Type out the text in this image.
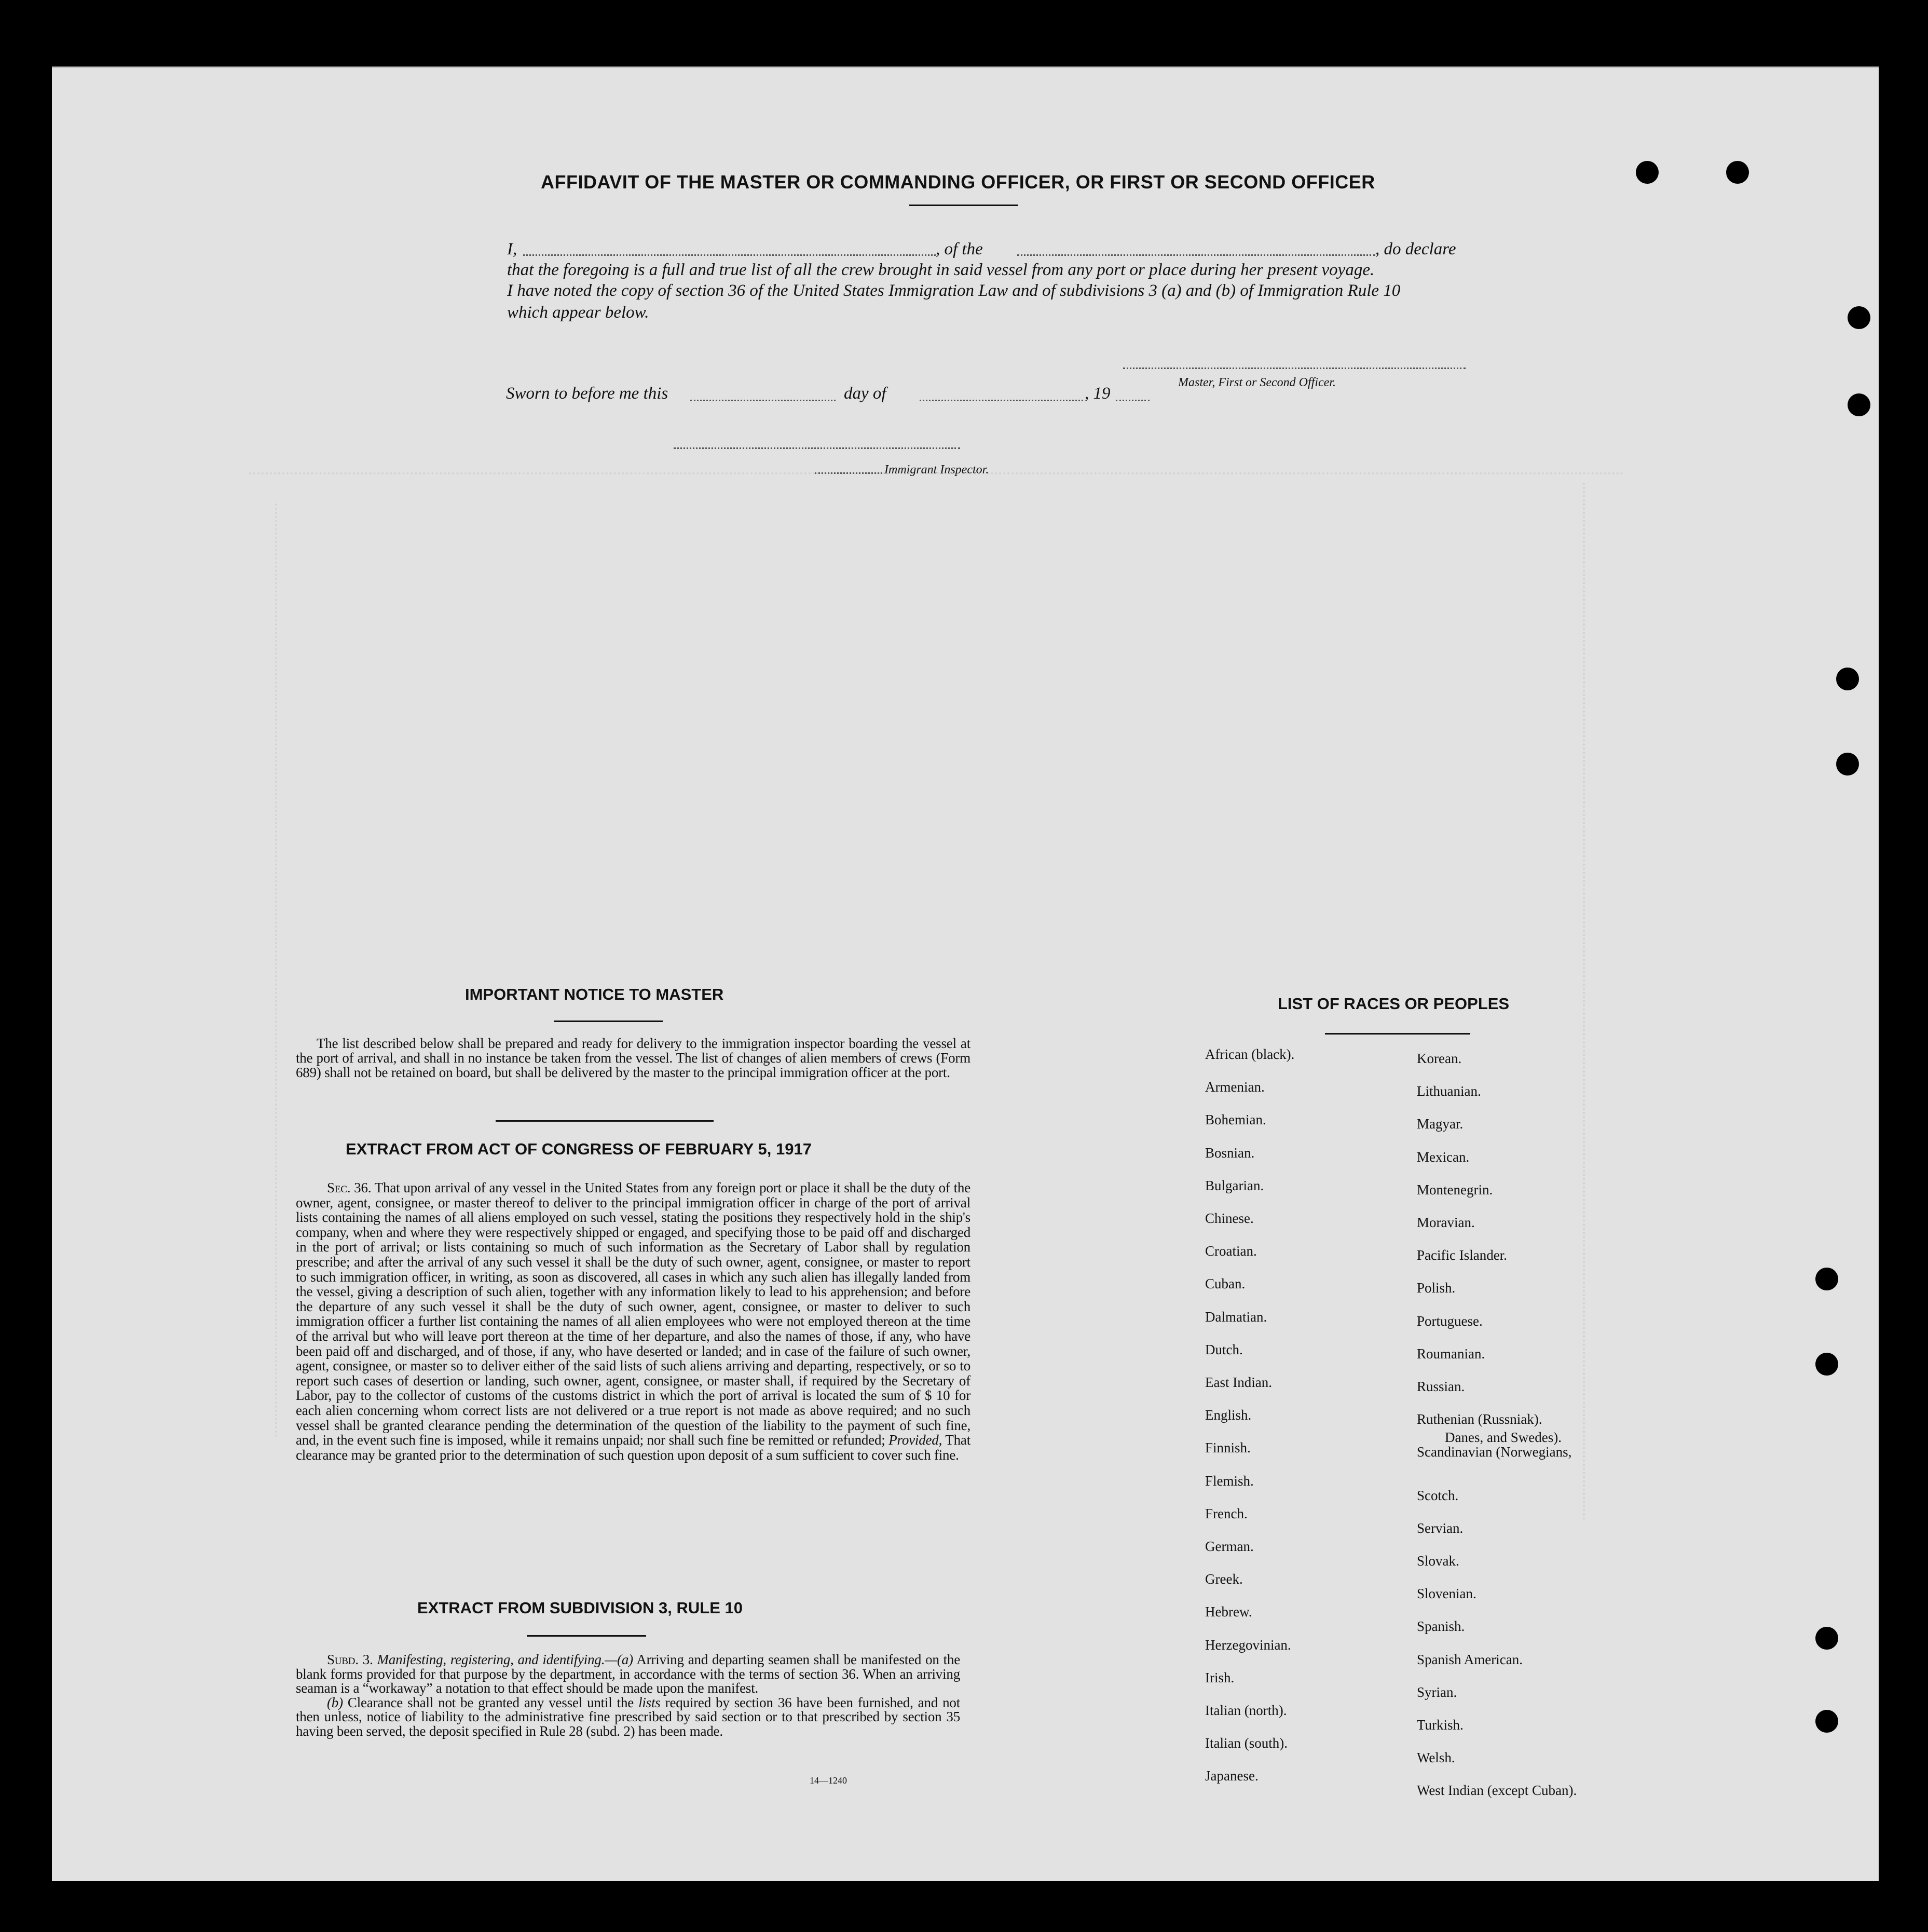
AFFIDAVIT OF THE MASTER OR COMMANDING OFFICER, OR FIRST OR SECOND OFFICER
I,	, of the	, do declare
that the foregoing is a full and true list of all the crew brought in said vessel from any port or place during her present voyage.
I have noted the copy of section 36 of the United States Immigration Law and of subdivisions 3 (a) and (b) of Immigration Rule 10
which appear below.
Master, First or Second Officer.
Sworn to before me this	day of	, 19
Immigrant Inspector.
IMPORTANT NOTICE TO MASTER
The list described below shall be prepared and ready for delivery to the immigration inspector boarding the vessel at the port of arrival, and shall in no instance be taken from the vessel. The list of changes of alien members of crews (Form 689) shall not be retained on board, but shall be delivered by the master to the principal immigration officer at the port.
EXTRACT FROM ACT OF CONGRESS OF FEBRUARY 5, 1917
Sec. 36. That upon arrival of any vessel in the United States from any foreign port or place it shall be the duty of the owner, agent, consignee, or master thereof to deliver to the principal immigration officer in charge of the port of arrival lists containing the names of all aliens employed on such vessel, stating the positions they respectively hold in the ship's company, when and where they were respectively shipped or engaged, and specifying those to be paid off and discharged in the port of arrival; or lists containing so much of such information as the Secretary of Labor shall by regulation prescribe; and after the arrival of any such vessel it shall be the duty of such owner, agent, consignee, or master to report to such immigration officer, in writing, as soon as discovered, all cases in which any such alien has illegally landed from the vessel, giving a description of such alien, together with any information likely to lead to his apprehension; and before the departure of any such vessel it shall be the duty of such owner, agent, consignee, or master to deliver to such immigration officer a further list containing the names of all alien employees who were not employed thereon at the time of the arrival but who will leave port thereon at the time of her departure, and also the names of those, if any, who have been paid off and discharged, and of those, if any, who have deserted or landed; and in case of the failure of such owner, agent, consignee, or master so to deliver either of the said lists of such aliens arriving and departing, respectively, or so to report such cases of desertion or landing, such owner, agent, consignee, or master shall, if required by the Secretary of Labor, pay to the collector of customs of the customs district in which the port of arrival is located the sum of $ 10 for each alien concerning whom correct lists are not delivered or a true report is not made as above required; and no such vessel shall be granted clearance pending the determination of the question of the liability to the payment of such fine, and, in the event such fine is imposed, while it remains unpaid; nor shall such fine be remitted or refunded; Provided, That clearance may be granted prior to the determination of such question upon deposit of a sum sufficient to cover such fine.
EXTRACT FROM SUBDIVISION 3, RULE 10

Subd. 3. Manifesting, registering, and identifying.—(a) Arriving and departing seamen shall be manifested on the blank forms provided for that purpose by the department, in accordance with the terms of section 36. When an arriving seaman is a “workaway” a notation to that effect should be made upon the manifest.

(b) Clearance shall not be granted any vessel until the lists required by section 36 have been furnished, and not then unless, notice of liability to the administrative fine prescribed by said section or to that prescribed by section 35 having been served, the deposit specified in Rule 28 (subd. 2) has been made.

14—1240
LIST OF RACES OR PEOPLES
African (black).
Armenian.
Bohemian.
Bosnian.
Bulgarian.
Chinese.
Croatian.
Cuban.
Dalmatian.
Dutch.
East Indian.
English.
Finnish.
Flemish.
French.
German.
Greek.
Hebrew.
Herzegovinian.
Irish.
Italian (north).
Italian (south).
Japanese.
Korean.
Lithuanian.
Magyar.
Mexican.
Montenegrin.
Moravian.
Pacific Islander.
Polish.
Portuguese.
Roumanian.
Russian.
Ruthenian (Russniak).
Scandinavian (Norwegians,
Scotch.
Servian.
Slovak.
Slovenian.
Spanish.
Spanish American.
Syrian.
Turkish.
Welsh.
West Indian (except Cuban).
Danes, and Swedes).
